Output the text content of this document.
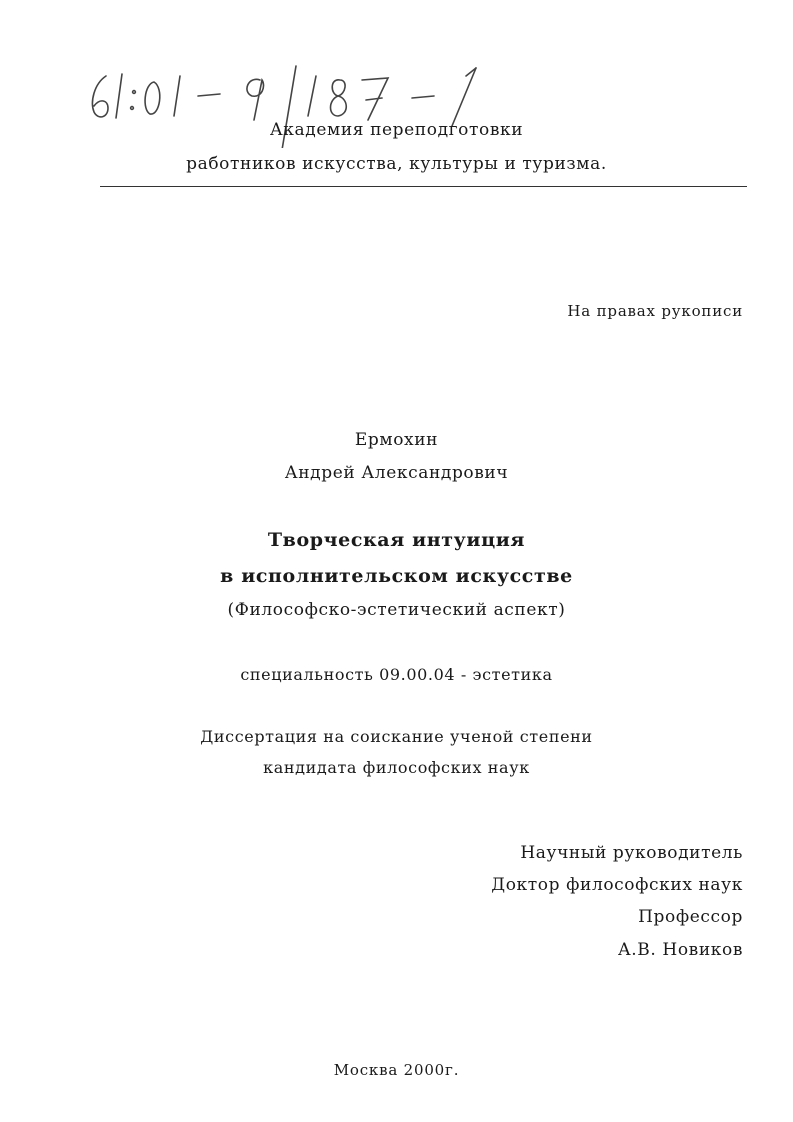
Академия переподготовки
работников искусства, культуры и туризма.
На правах рукописи
Ермохин
Андрей Александрович
Творческая интуиция
в исполнительском искусстве
(Философско-эстетический аспект)
специальность 09.00.04 - эстетика
Диссертация на соискание ученой степени
кандидата философских наук
Научный руководитель
Доктор философских наук
Профессор
А.В. Новиков
Москва 2000г.
